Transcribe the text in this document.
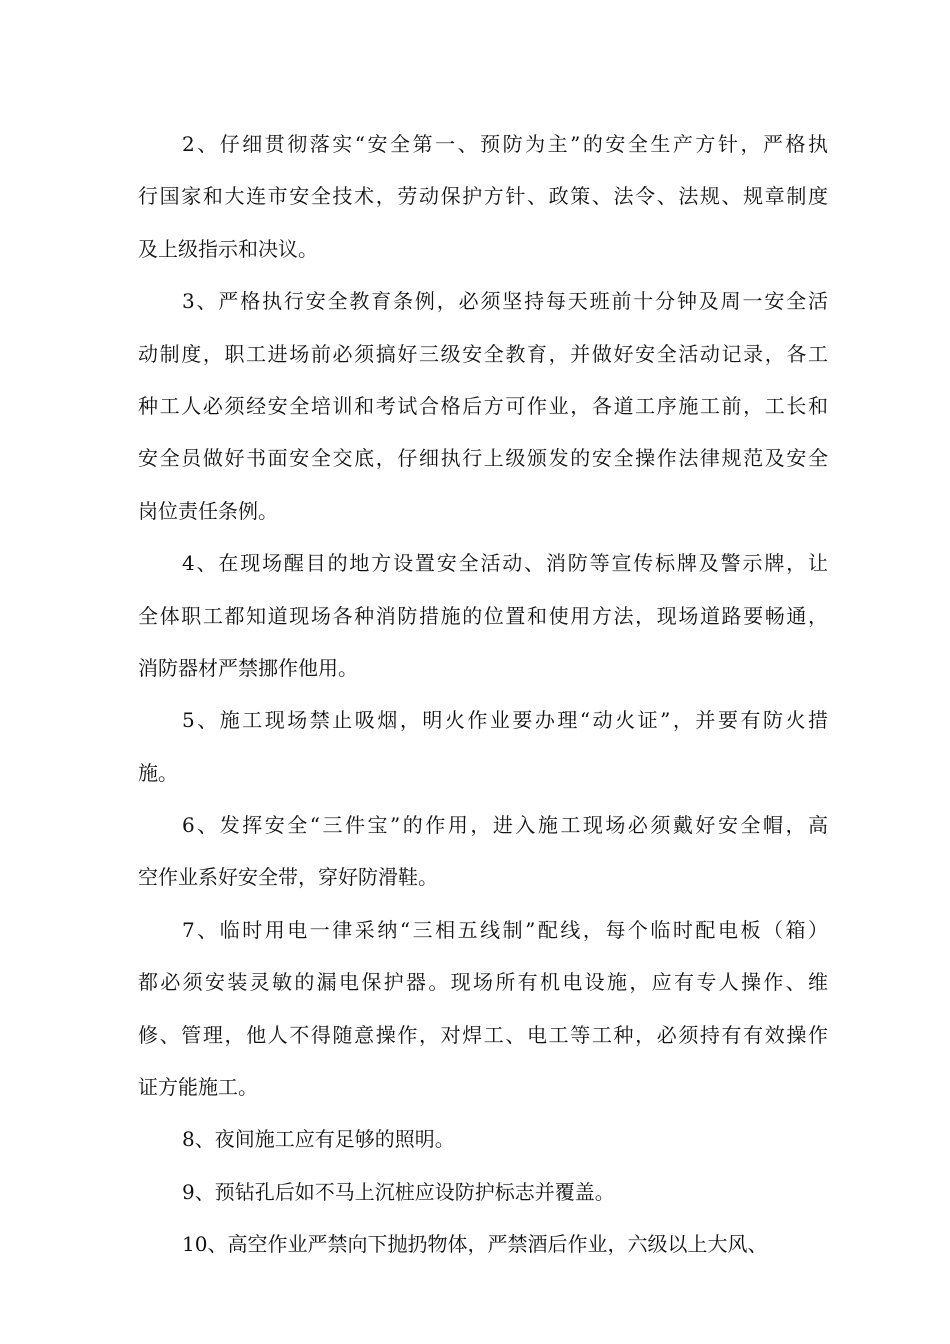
2、仔细贯彻落实“安全第一、预防为主”的安全生产方针，严格执
行国家和大连市安全技术，劳动保护方针、政策、法令、法规、规章制度
及上级指示和决议。
3、严格执行安全教育条例，必须坚持每天班前十分钟及周一安全活
动制度，职工进场前必须搞好三级安全教育，并做好安全活动记录，各工
种工人必须经安全培训和考试合格后方可作业，各道工序施工前，工长和
安全员做好书面安全交底，仔细执行上级颁发的安全操作法律规范及安全
岗位责任条例。
4、在现场醒目的地方设置安全活动、消防等宣传标牌及警示牌，让
全体职工都知道现场各种消防措施的位置和使用方法，现场道路要畅通，
消防器材严禁挪作他用。
5、施工现场禁止吸烟，明火作业要办理“动火证”，并要有防火措
施。
6、发挥安全“三件宝”的作用，进入施工现场必须戴好安全帽，高
空作业系好安全带，穿好防滑鞋。
7、临时用电一律采纳“三相五线制”配线，每个临时配电板（箱）
都必须安装灵敏的漏电保护器。现场所有机电设施，应有专人操作、维
修、管理，他人不得随意操作，对焊工、电工等工种，必须持有有效操作
证方能施工。
8、夜间施工应有足够的照明。
9、预钻孔后如不马上沉桩应设防护标志并覆盖。
10、高空作业严禁向下抛扔物体，严禁酒后作业，六级以上大风、
